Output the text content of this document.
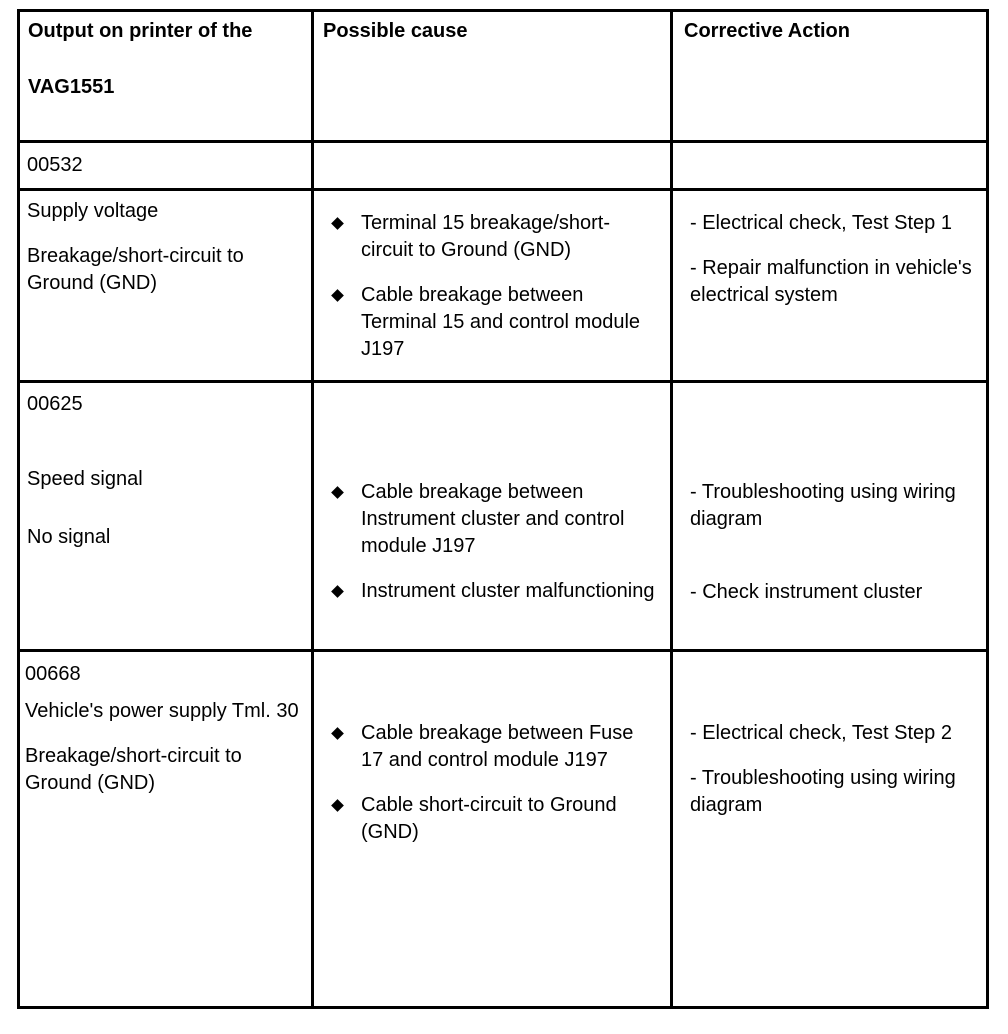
Output on printer of the

VAG1551

Possible cause	Corrective Action

00532

Supply voltage

Breakage/short-circuit to Ground (GND)

Terminal 15 breakage/short-circuit to Ground (GND)
Cable breakage between Terminal 15 and control module J197

- Electrical check, Test Step 1

- Repair malfunction in vehicle's electrical system

00625

Speed signal

No signal

Cable breakage between Instrument cluster and control module J197
Instrument cluster malfunctioning

- Troubleshooting using wiring diagram

- Check instrument cluster

00668

Vehicle's power supply Tml. 30

Breakage/short-circuit to Ground (GND)

Cable breakage between Fuse 17 and control module J197
Cable short-circuit to Ground (GND)

- Electrical check, Test Step 2

- Troubleshooting using wiring diagram
